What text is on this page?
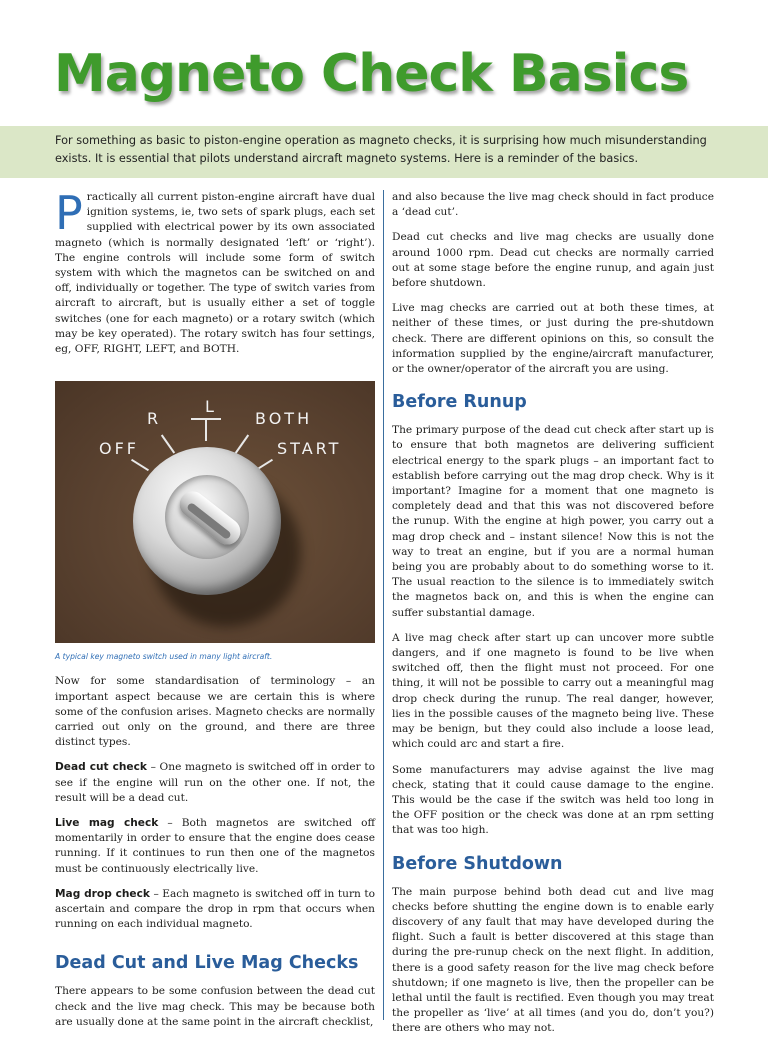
Magneto Check Basics

For something as basic to piston-engine operation as magneto checks, it is surprising how much misunderstanding exists. It is essential that pilots understand aircraft magneto systems. Here is a reminder of the basics.

Practically all current piston-engine aircraft have dual ignition systems, ie, two sets of spark plugs, each set supplied with electrical power by its own associated magneto (which is normally designated ‘left’ or ‘right’). The engine controls will include some form of switch system with which the magnetos can be switched on and off, individually or together. The type of switch varies from aircraft to aircraft, but is usually either a set of toggle switches (one for each magneto) or a rotary switch (which may be key operated). The rotary switch has four settings, eg, OFF, RIGHT, LEFT, and BOTH.

OFF
R
L
BOTH
START

A typical key magneto switch used in many light aircraft.

Now for some standardisation of terminology – an important aspect because we are certain this is where some of the confusion arises. Magneto checks are normally carried out only on the ground, and there are three distinct types.

Dead cut check – One magneto is switched off in order to see if the engine will run on the other one. If not, the result will be a dead cut.

Live mag check – Both magnetos are switched off momentarily in order to ensure that the engine does cease running. If it continues to run then one of the magnetos must be continuously electrically live.

Mag drop check – Each magneto is switched off in turn to ascertain and compare the drop in rpm that occurs when running on each individual magneto.

Dead Cut and Live Mag Checks

There appears to be some confusion between the dead cut check and the live mag check. This may be because both are usually done at the same point in the aircraft checklist,

and also because the live mag check should in fact produce a ‘dead cut’.

Dead cut checks and live mag checks are usually done around 1000 rpm. Dead cut checks are normally carried out at some stage before the engine runup, and again just before shutdown.

Live mag checks are carried out at both these times, at neither of these times, or just during the pre-shutdown check. There are different opinions on this, so consult the information supplied by the engine/aircraft manufacturer, or the owner/operator of the aircraft you are using.

Before Runup

The primary purpose of the dead cut check after start up is to ensure that both magnetos are delivering sufficient electrical energy to the spark plugs – an important fact to establish before carrying out the mag drop check. Why is it important? Imagine for a moment that one magneto is completely dead and that this was not discovered before the runup. With the engine at high power, you carry out a mag drop check and – instant silence! Now this is not the way to treat an engine, but if you are a normal human being you are probably about to do something worse to it. The usual reaction to the silence is to immediately switch the magnetos back on, and this is when the engine can suffer substantial damage.

A live mag check after start up can uncover more subtle dangers, and if one magneto is found to be live when switched off, then the flight must not proceed. For one thing, it will not be possible to carry out a meaningful mag drop check during the runup. The real danger, however, lies in the possible causes of the magneto being live. These may be benign, but they could also include a loose lead, which could arc and start a fire.

Some manufacturers may advise against the live mag check, stating that it could cause damage to the engine. This would be the case if the switch was held too long in the OFF position or the check was done at an rpm setting that was too high.

Before Shutdown

The main purpose behind both dead cut and live mag checks before shutting the engine down is to enable early discovery of any fault that may have developed during the flight. Such a fault is better discovered at this stage than during the pre-runup check on the next flight. In addition, there is a good safety reason for the live mag check before shutdown; if one magneto is live, then the propeller can be lethal until the fault is rectified. Even though you may treat the propeller as ‘live’ at all times (and you do, don’t you?) there are others who may not.
